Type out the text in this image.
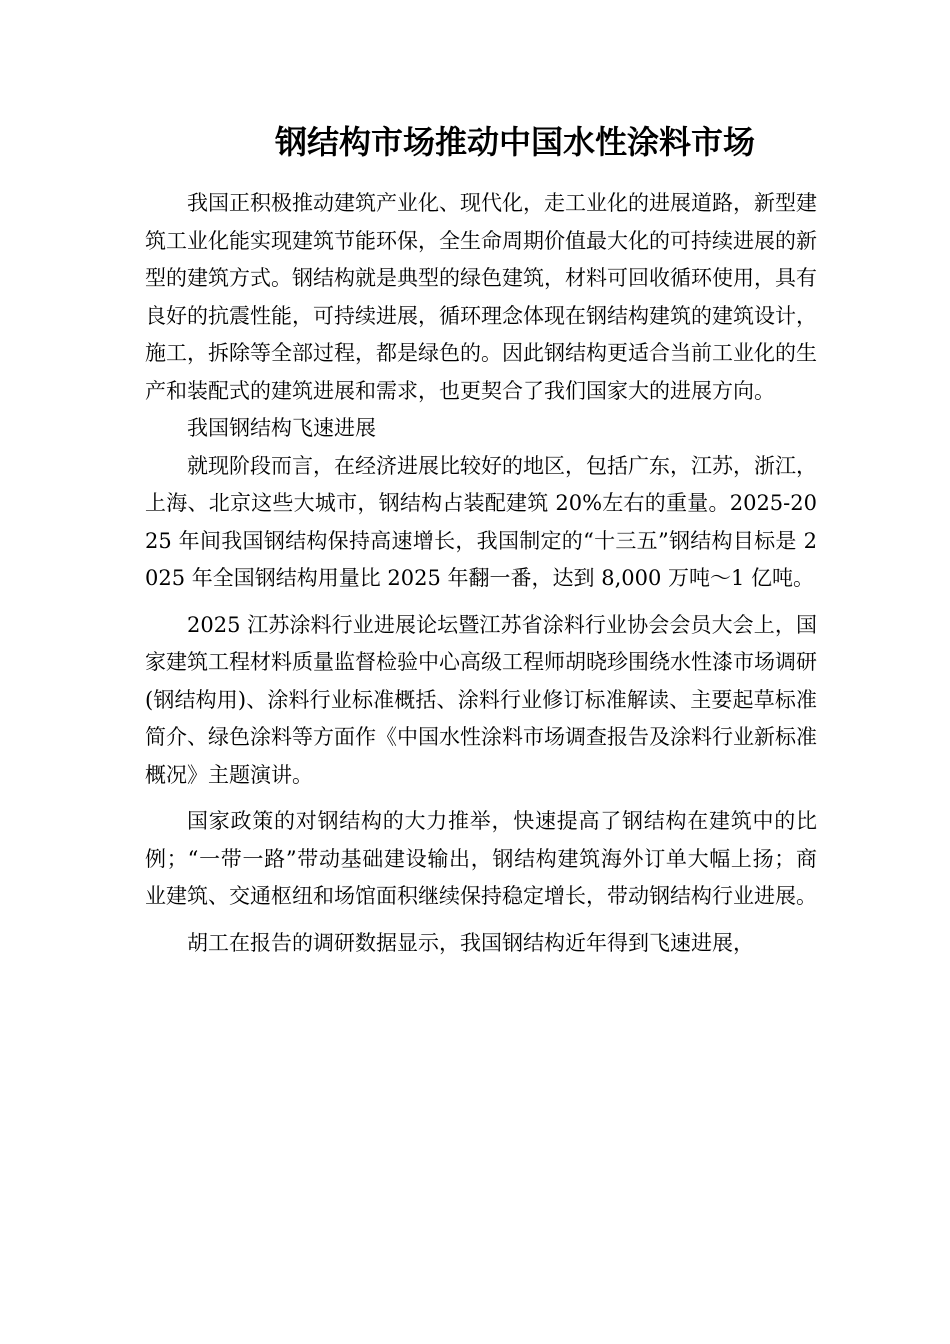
钢结构市场推动中国水性涂料市场

我国正积极推动建筑产业化、现代化，走工业化的进展道路，新型建筑工业化能实现建筑节能环保，全生命周期价值最大化的可持续进展的新型的建筑方式。钢结构就是典型的绿色建筑，材料可回收循环使用，具有良好的抗震性能，可持续进展，循环理念体现在钢结构建筑的建筑设计，施工，拆除等全部过程，都是绿色的。因此钢结构更适合当前工业化的生产和装配式的建筑进展和需求，也更契合了我们国家大的进展方向。

我国钢结构飞速进展

就现阶段而言，在经济进展比较好的地区，包括广东，江苏，浙江，上海、北京这些大城市，钢结构占装配建筑 20%左右的重量。2025-2025 年间我国钢结构保持高速增长，我国制定的“十三五”钢结构目标是 2025 年全国钢结构用量比 2025 年翻一番，达到 8,000 万吨～1 亿吨。

2025 江苏涂料行业进展论坛暨江苏省涂料行业协会会员大会上，国家建筑工程材料质量监督检验中心高级工程师胡晓珍围绕水性漆市场调研(钢结构用)、涂料行业标准概括、涂料行业修订标准解读、主要起草标准简介、绿色涂料等方面作《中国水性涂料市场调查报告及涂料行业新标准概况》主题演讲。

国家政策的对钢结构的大力推举，快速提高了钢结构在建筑中的比例；“一带一路”带动基础建设输出，钢结构建筑海外订单大幅上扬；商业建筑、交通枢纽和场馆面积继续保持稳定增长，带动钢结构行业进展。

胡工在报告的调研数据显示，我国钢结构近年得到飞速进展，
